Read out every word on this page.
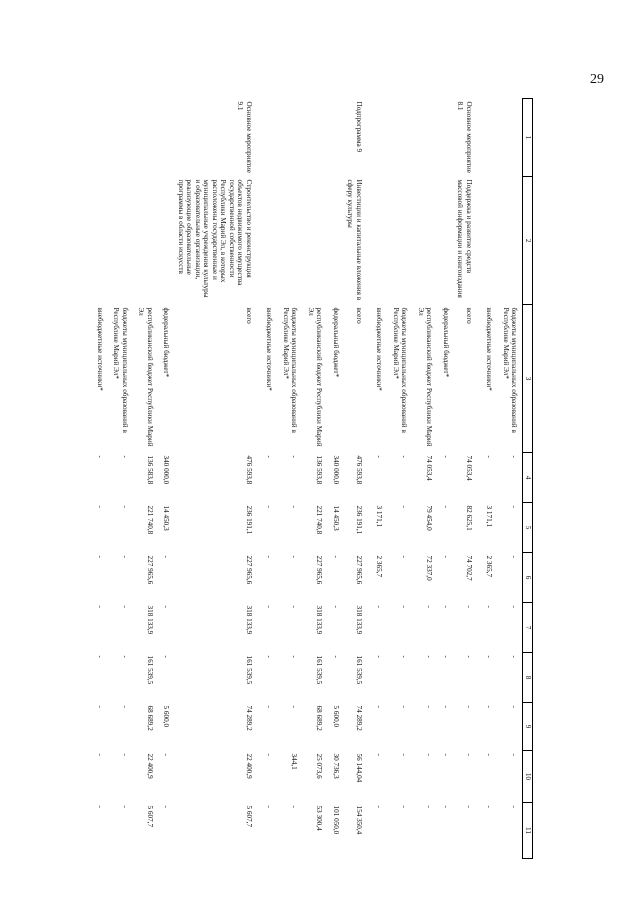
29
1	2	3	4	5	6	7	8	9	10	11
		бюджеты муниципальных образований в Республике Марий Эл*	-	-	-	-	-	-	-	-
		внебюджетные источники*	-	3 171,1	2 365,7	-	-	-	-	-
Основное мероприятие 8.1	Поддержка и развитие средств массовой информации и книгоиздания	всего	74 053,4	82 625,1	74 702,7	-	-	-	-	-
		федеральный бюджет*	-	-	-	-	-	-	-	-
		республиканский бюджет Республики Марий Эл	74 053,4	79 454,0	72 337,0	-	-	-	-	-
		бюджеты муниципальных образований в Республике Марий Эл*	-	-	-	-	-	-	-	-
		внебюджетные источники*	-	3 171,1	2 365,7	-	-	-	-	-
Подпрограмма 9	Инвестиции и капитальные вложения в сферу культуры	всего	476 593,8	236 191,1	227 965,6	318 133,9	161 539,5	74 289,2	56 144,04	154 350,4
		федеральный бюджет*	340 000,0	14 450,3	-	-	-	5 600,0	30 736,3	101 050,0
		республиканский бюджет Республики Марий Эл	136 593,8	221 740,8	227 965,6	318 133,9	161 539,5	68 689,2	25 073,6	53 300,4
		бюджеты муниципальных образований в Республике Марий Эл*	-	-	-	-	-	-	344,1	-
		внебюджетные источники*	-	-	-	-	-	-	-	-
Основное мероприятие 9.1	Строительство и реконструкция объектов недвижимого имущества государственной собственности Республики Марий Эл, в которых расположены государственные и муниципальные учреждения культуры и образовательные организации, реализующие образовательные программы в области искусств	всего	476 593,8	236 191,1	227 965,6	318 133,9	161 539,5	74 289,2	22 400,9	5 607,7
		федеральный бюджет*	340 000,0	14 450,3	-	-	-	5 600,0	-	-
		республиканский бюджет Республики Марий Эл	136 583,8	221 740,8	227 965,6	318 133,9	161 539,5	68 689,2	22 400,9	5 607,7
		бюджеты муниципальных образований в Республике Марий Эл*	-	-	-	-	-	-	-	-
		внебюджетные источники*	-	-	-	-	-	-	-	-
